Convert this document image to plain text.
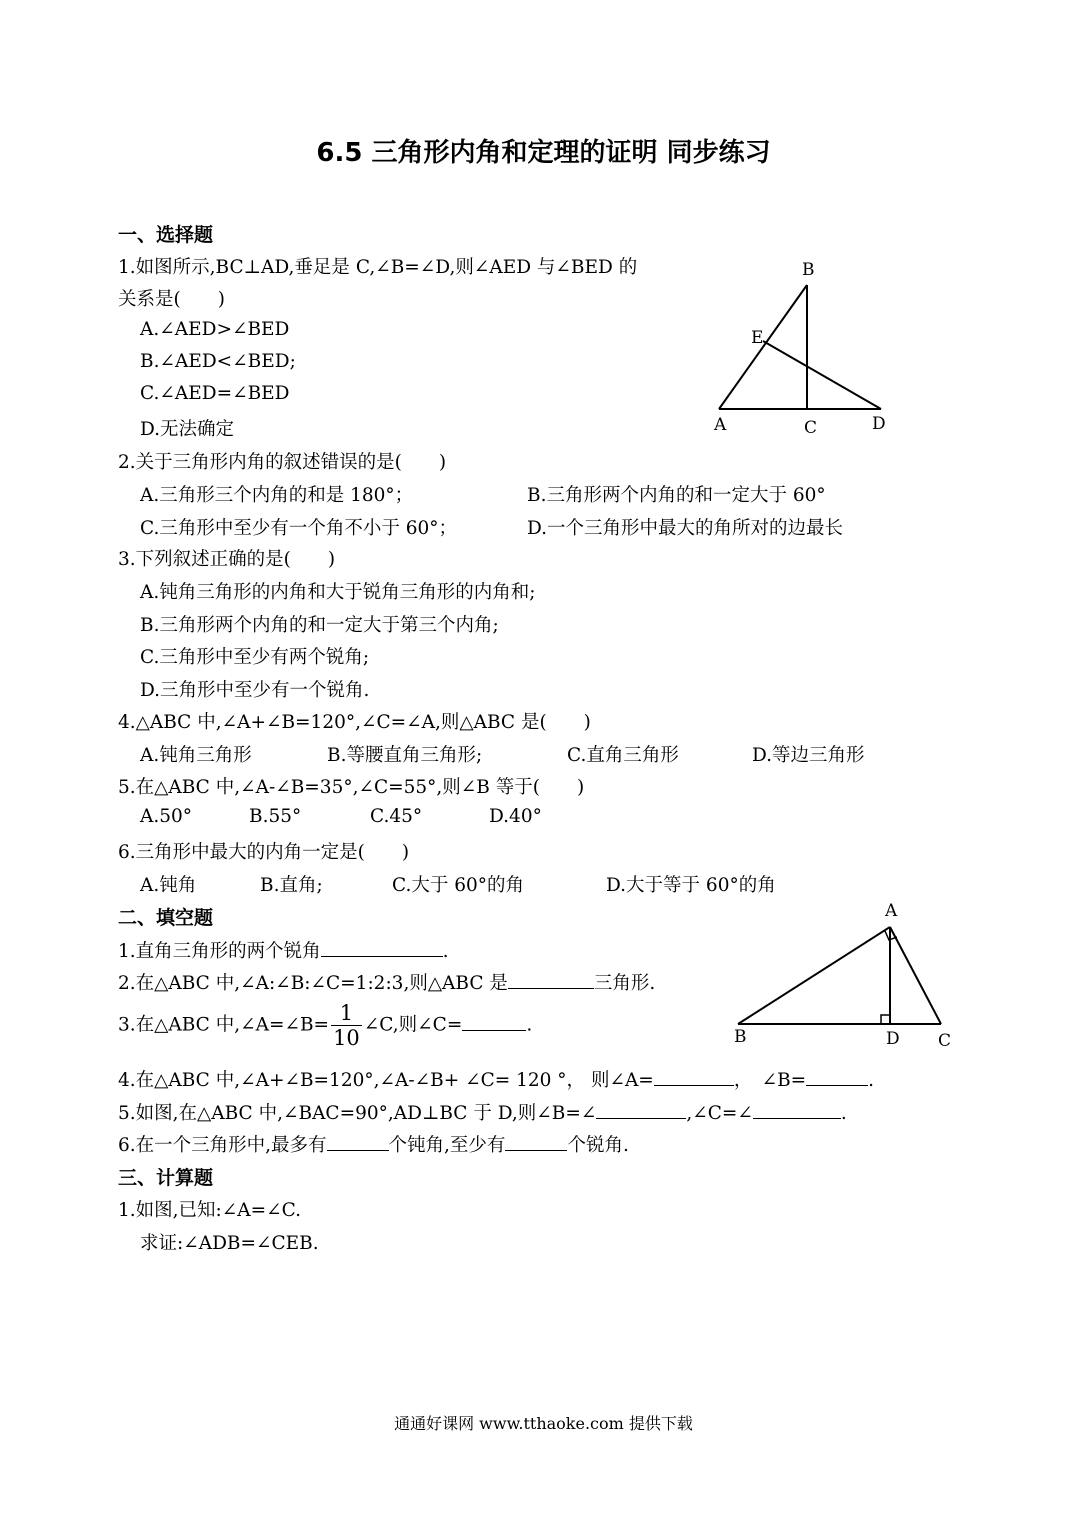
6.5 三角形内角和定理的证明 同步练习
一、选择题
1.如图所示,BC⊥AD,垂足是 C,∠B=∠D,则∠AED 与∠BED 的
关系是(　　)
A.∠AED>∠BED
B.∠AED<∠BED;
C.∠AED=∠BED
D.无法确定
B
E
A	C	D
2.关于三角形内角的叙述错误的是(　　)
A.三角形三个内角的和是 180°；	B.三角形两个内角的和一定大于 60°
C.三角形中至少有一个角不小于 60°；	D.一个三角形中最大的角所对的边最长
3.下列叙述正确的是(　　)
A.钝角三角形的内角和大于锐角三角形的内角和;
B.三角形两个内角的和一定大于第三个内角;
C.三角形中至少有两个锐角;
D.三角形中至少有一个锐角.
4.△ABC 中,∠A+∠B=120°,∠C=∠A,则△ABC 是(　　)
A.钝角三角形	B.等腰直角三角形;	C.直角三角形	D.等边三角形
5.在△ABC 中,∠A-∠B=35°,∠C=55°,则∠B 等于(　　)
A.50°	B.55°	C.45°	D.40°
6.三角形中最大的内角一定是(　　)
A.钝角	B.直角;	C.大于 60°的角	D.大于等于 60°的角
二、填空题
1.直角三角形的两个锐角	.
2.在△ABC 中,∠A:∠B:∠C=1:2:3,则△ABC 是	三角形.
3.在△ABC 中,∠A=∠B= $\frac{1}{10}$ ∠C,则∠C=	.
A
B	D C
4.在△ABC 中,∠A+∠B=120°,∠A-∠B+ ∠C= 120 °， 则∠A=	，　∠B=	.
5.如图,在△ABC 中,∠BAC=90°,AD⊥BC 于 D,则∠B=∠	,∠C=∠	.
6.在一个三角形中,最多有	个钝角,至少有	个锐角.
三、计算题
1.如图,已知:∠A=∠C.
求证:∠ADB=∠CEB.
通通好课网 www.tthaoke.com 提供下载
